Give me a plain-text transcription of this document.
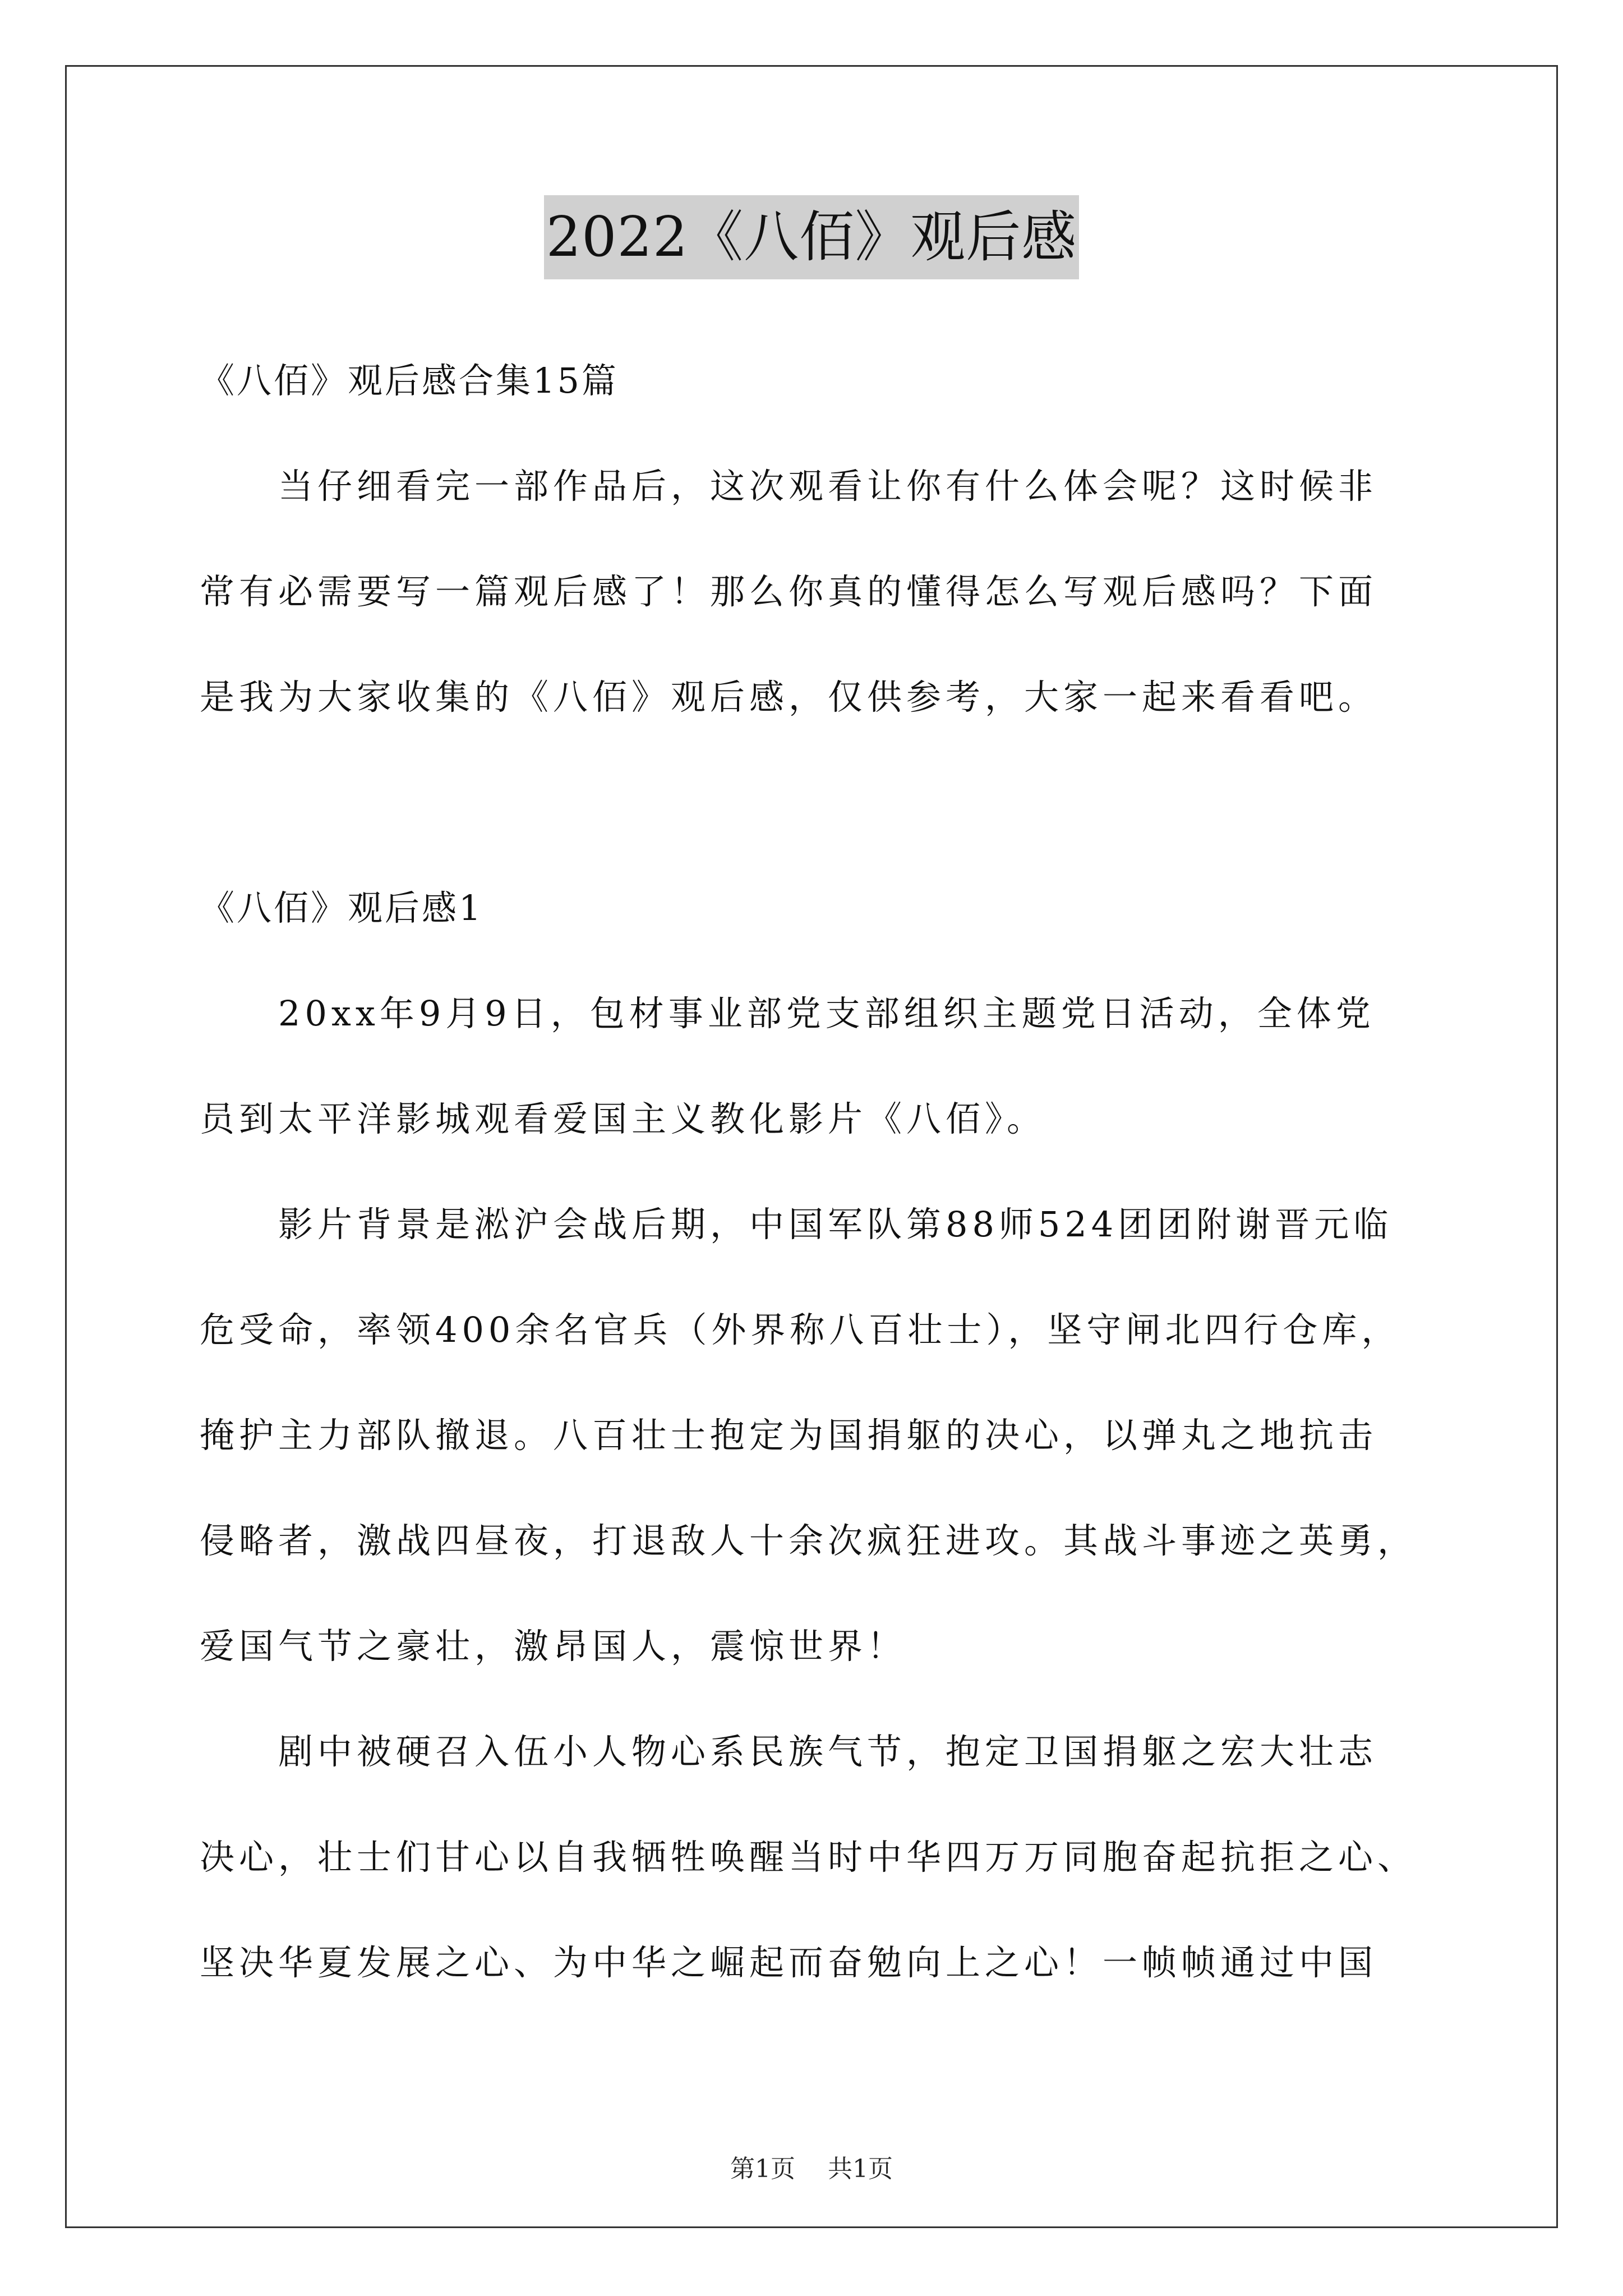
2022《八佰》观后感
《八佰》观后感合集15篇
当仔细看完一部作品后，这次观看让你有什么体会呢？这时候非
常有必需要写一篇观后感了！那么你真的懂得怎么写观后感吗？下面
是我为大家收集的《八佰》观后感，仅供参考，大家一起来看看吧。
《八佰》观后感1
20xx年9月9日，包材事业部党支部组织主题党日活动，全体党
员到太平洋影城观看爱国主义教化影片《八佰》。
影片背景是淞沪会战后期，中国军队第88师524团团附谢晋元临
危受命，率领400余名官兵（外界称八百壮士），坚守闸北四行仓库，
掩护主力部队撤退。八百壮士抱定为国捐躯的决心，以弹丸之地抗击
侵略者，激战四昼夜，打退敌人十余次疯狂进攻。其战斗事迹之英勇，
爱国气节之豪壮，激昂国人，震惊世界！
剧中被硬召入伍小人物心系民族气节，抱定卫国捐躯之宏大壮志
决心，壮士们甘心以自我牺牲唤醒当时中华四万万同胞奋起抗拒之心、
坚决华夏发展之心、为中华之崛起而奋勉向上之心！一帧帧通过中国
第1页 共1页
